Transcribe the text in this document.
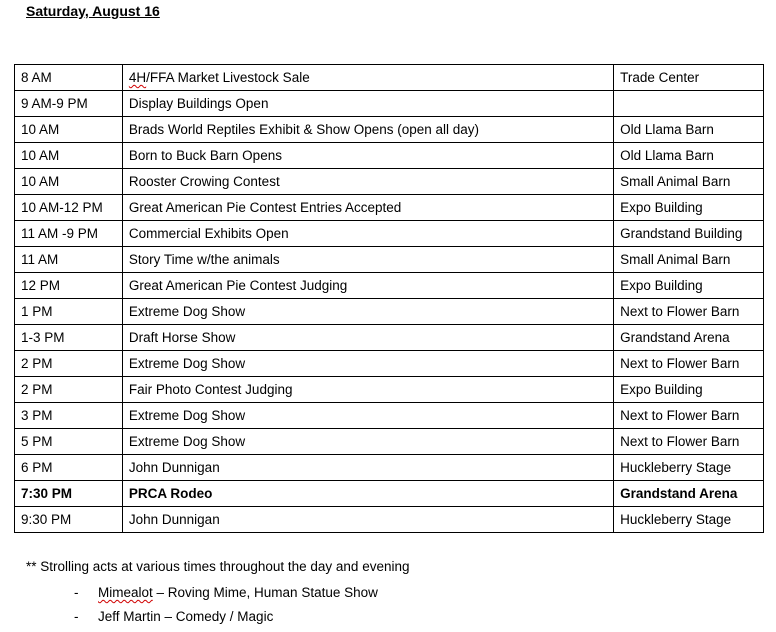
Saturday, August 16
8 AM	4H/FFA Market Livestock Sale	Trade Center
9 AM-9 PM	Display Buildings Open	
10 AM	Brads World Reptiles Exhibit & Show Opens (open all day)	Old Llama Barn
10 AM	Born to Buck Barn Opens	Old Llama Barn
10 AM	Rooster Crowing Contest	Small Animal Barn
10 AM-12 PM	Great American Pie Contest Entries Accepted	Expo Building
11 AM -9 PM	Commercial Exhibits Open	Grandstand Building
11 AM	Story Time w/the animals	Small Animal Barn
12 PM	Great American Pie Contest Judging	Expo Building
1 PM	Extreme Dog Show	Next to Flower Barn
1-3 PM	Draft Horse Show	Grandstand Arena
2 PM	Extreme Dog Show	Next to Flower Barn
2 PM	Fair Photo Contest Judging	Expo Building
3 PM	Extreme Dog Show	Next to Flower Barn
5 PM	Extreme Dog Show	Next to Flower Barn
6 PM	John Dunnigan	Huckleberry Stage
7:30 PM	PRCA Rodeo	Grandstand Arena
9:30 PM	John Dunnigan	Huckleberry Stage
** Strolling acts at various times throughout the day and evening
- Mimealot – Roving Mime, Human Statue Show
- Jeff Martin – Comedy / Magic
